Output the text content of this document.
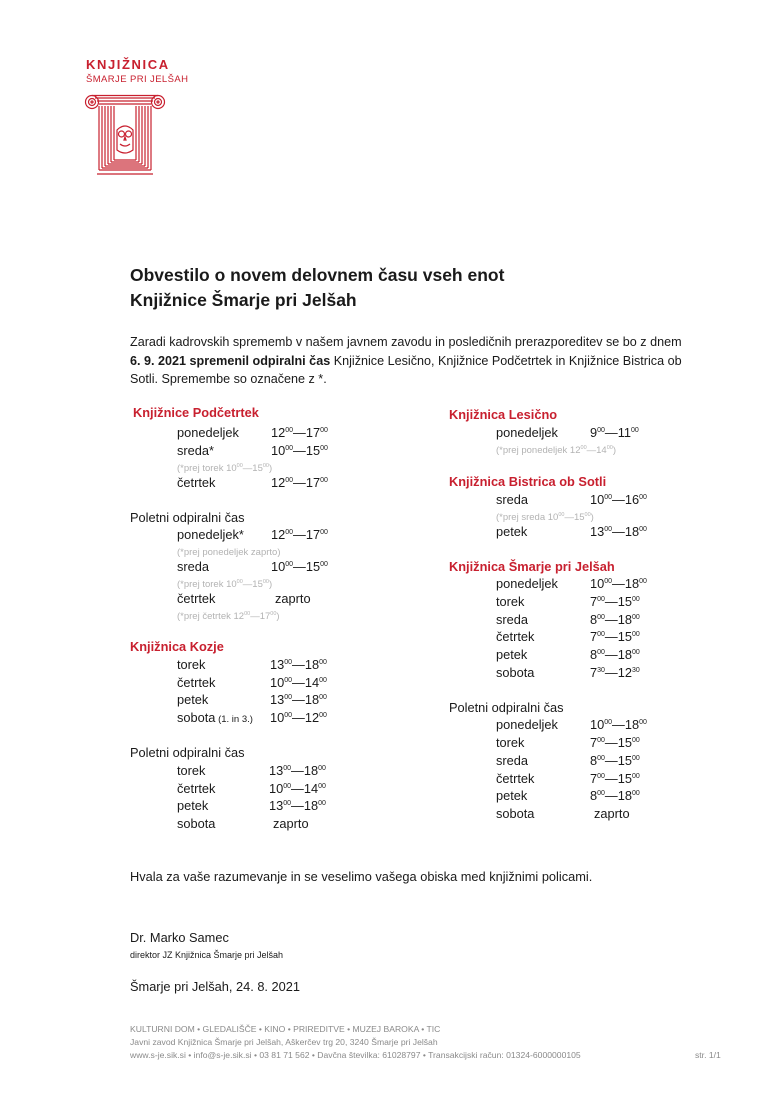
KNJIŽNICA
ŠMARJE PRI JELŠAH
Obvestilo o novem delovnem času vseh enot
Knjižnice Šmarje pri Jelšah
Zaradi kadrovskih sprememb v našem javnem zavodu in posledičnih prerazporeditev se bo z dnem
6. 9. 2021 spremenil odpiralni čas Knjižnice Lesično, Knjižnice Podčetrtek in Knjižnice Bistrica ob
Sotli. Spremembe so označene z *.
Knjižnice Podčetrtek
ponedeljek	$12^{00}—17^{00}$
sreda*	$10^{00}—15^{00}$
(*prej torek $10^{00}—15^{00}$)
četrtek	$12^{00}—17^{00}$
Poletni odpiralni čas
ponedeljek* $12^{00}—17^{00}$
(*prej ponedeljek zaprto)
sreda	$10^{00}—15^{00}$
(*prej torek $10^{00}—15^{00}$)
četrtek	zaprto
(*prej četrtek $12^{00}—17^{00}$)
Knjižnica Kozje
torek	$13^{00}—18^{00}$
četrtek	$10^{00}—14^{00}$
petek	$13^{00}—18^{00}$
sobota (1. in 3.) $10^{00}—12^{00}$
Poletni odpiralni čas
torek	$13^{00}—18^{00}$
četrtek	$10^{00}—14^{00}$
petek	$13^{00}—18^{00}$
sobota	zaprto
Knjižnica Lesično
ponedeljek	$9^{00}—11^{00}$
(*prej ponedeljek $12^{00}—14^{00}$)
Knjižnica Bistrica ob Sotli
sreda	$10^{00}—16^{00}$
(*prej sreda $10^{00}—15^{00}$)
petek	$13^{00}—18^{00}$
Knjižnica Šmarje pri Jelšah
ponedeljek	$10^{00}—18^{00}$
torek	$7^{00}—15^{00}$
sreda	$8^{00}—18^{00}$
četrtek	$7^{00}—15^{00}$
petek	$8^{00}—18^{00}$
sobota	$7^{30}—12^{30}$
Poletni odpiralni čas
ponedeljek	$10^{00}—18^{00}$
torek	$7^{00}—15^{00}$
sreda	$8^{00}—15^{00}$
četrtek	$7^{00}—15^{00}$
petek	$8^{00}—18^{00}$
sobota	zaprto
Hvala za vaše razumevanje in se veselimo vašega obiska med knjižnimi policami.
Dr. Marko Samec
direktor JZ Knjižnica Šmarje pri Jelšah
Šmarje pri Jelšah, 24. 8. 2021
KULTURNI DOM • GLEDALIŠČE • KINO • PRIREDITVE • MUZEJ BAROKA • TIC
Javni zavod Knjižnica Šmarje pri Jelšah, Aškerčev trg 20, 3240 Šmarje pri Jelšah
www.s-je.sik.si • info@s-je.sik.si • 03 81 71 562 • Davčna številka: 61028797 • Transakcijski račun: 01324-6000000105	str. 1/1
